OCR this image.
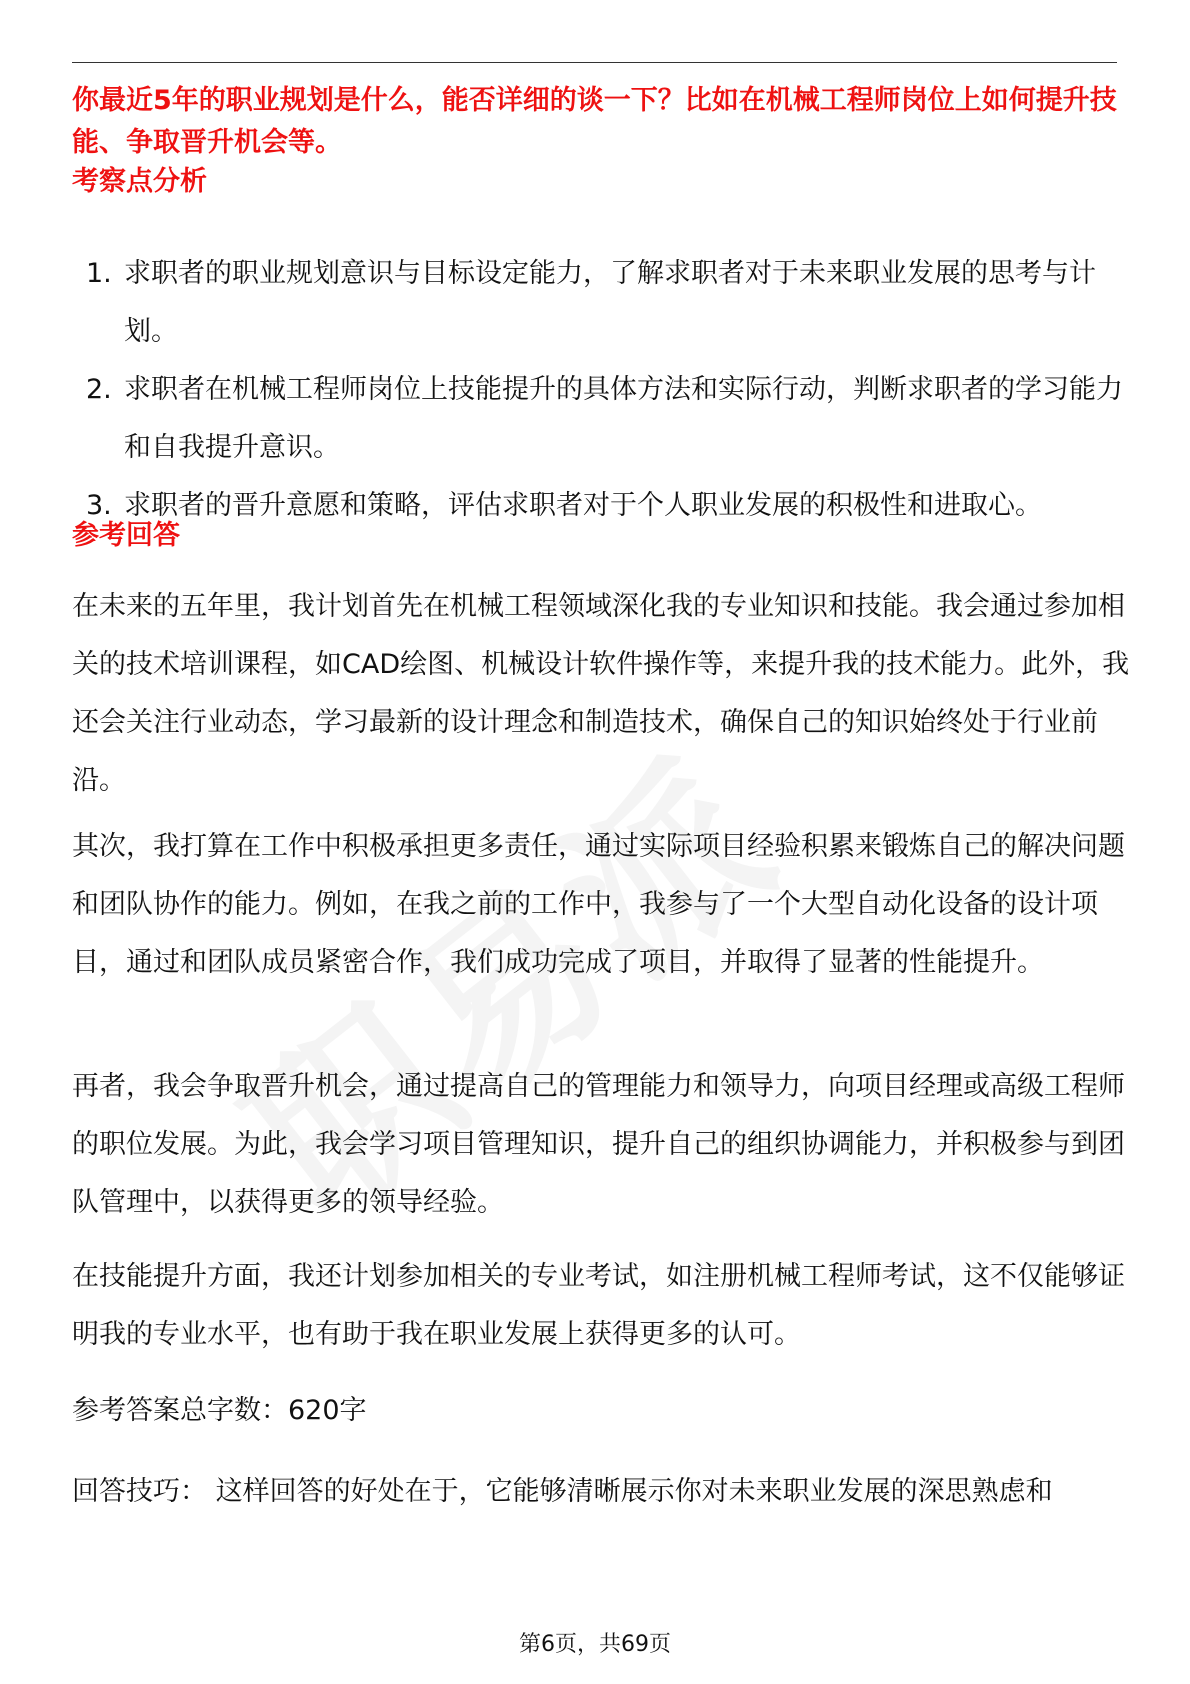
你最近5年的职业规划是什么，能否详细的谈一下？比如在机械工程师岗位上如何提升技能、争取晋升机会等。

考察点分析
1. 求职者的职业规划意识与目标设定能力，了解求职者对于未来职业发展的思考与计划。
2. 求职者在机械工程师岗位上技能提升的具体方法和实际行动，判断求职者的学习能力和自我提升意识。
3. 求职者的晋升意愿和策略，评估求职者对于个人职业发展的积极性和进取心。
参考回答

在未来的五年里，我计划首先在机械工程领域深化我的专业知识和技能。我会通过参加相关的技术培训课程，如CAD绘图、机械设计软件操作等，来提升我的技术能力。此外，我还会关注行业动态，学习最新的设计理念和制造技术，确保自己的知识始终处于行业前沿。

其次，我打算在工作中积极承担更多责任，通过实际项目经验积累来锻炼自己的解决问题和团队协作的能力。例如，在我之前的工作中，我参与了一个大型自动化设备的设计项目，通过和团队成员紧密合作，我们成功完成了项目，并取得了显著的性能提升。

再者，我会争取晋升机会，通过提高自己的管理能力和领导力，向项目经理或高级工程师的职位发展。为此，我会学习项目管理知识，提升自己的组织协调能力，并积极参与到团队管理中，以获得更多的领导经验。

在技能提升方面，我还计划参加相关的专业考试，如注册机械工程师考试，这不仅能够证明我的专业水平，也有助于我在职业发展上获得更多的认可。

参考答案总字数：620字

回答技巧： 这样回答的好处在于，它能够清晰展示你对未来职业发展的深思熟虑和

第6页，共69页
